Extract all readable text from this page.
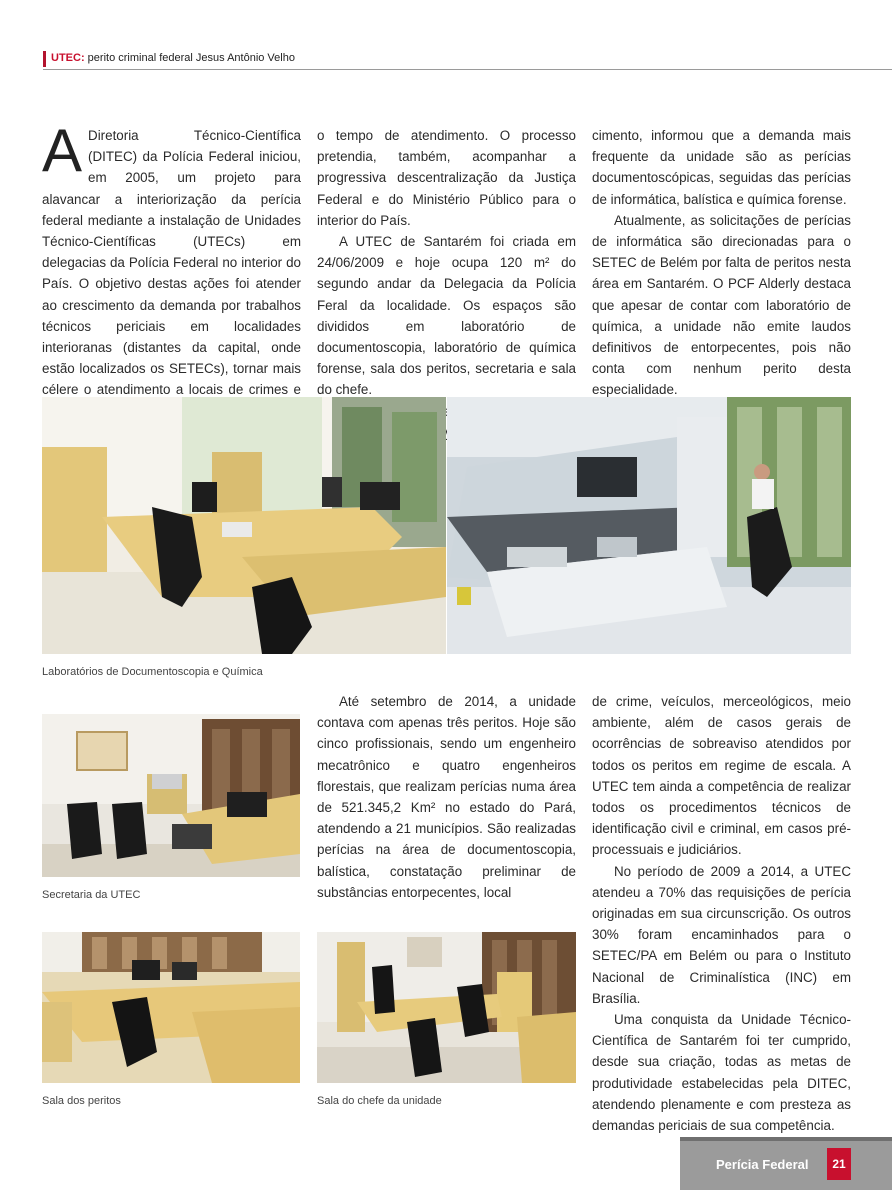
UTEC: perito criminal federal Jesus Antônio Velho
A Diretoria Técnico-Científica (DITEC) da Polícia Federal iniciou, em 2005, um projeto para alavancar a interiorização da perícia federal mediante a instalação de Unidades Técnico-Científicas (UTECs) em delegacias da Polícia Federal no interior do País. O objetivo destas ações foi atender ao crescimento da demanda por trabalhos técnicos periciais em localidades interioranas (distantes da capital, onde estão localizados os SETECs), tornar mais célere o atendimento a locais de crimes e

o tempo de atendimento. O processo pretendia, também, acompanhar a progressiva descentralização da Justiça Federal e do Ministério Público para o interior do País.

A UTEC de Santarém foi criada em 24/06/2009 e hoje ocupa 120 m² do segundo andar da Delegacia da Polícia Feral da localidade. Os espaços são divididos em laboratório de documentoscopia, laboratório de química forense, sala dos peritos, secretaria e sala do chefe.

cimento, informou que a demanda mais frequente da unidade são as perícias documentoscópicas, seguidas das perícias de informática, balística e química forense.

Atualmente, as solicitações de perícias de informática são direcionadas para o SETEC de Belém por falta de peritos nesta área em Santarém. O PCF Alderly destaca que apesar de contar com laboratório de química, a unidade não emite laudos definitivos de entorpecentes, pois não conta com nenhum perito desta especialidade.

Laboratórios de Documentoscopia e Química
Secretaria da UTEC

Até setembro de 2014, a unidade contava com apenas três peritos. Hoje são cinco profissionais, sendo um engenheiro mecatrônico e quatro engenheiros florestais, que realizam perícias numa área de 521.345,2 Km² no estado do Pará, atendendo a 21 municípios. São realizadas perícias na área de documentoscopia, balística, constatação preliminar de substâncias entorpecentes, local

de crime, veículos, merceológicos, meio ambiente, além de casos gerais de ocorrências de sobreaviso atendidos por todos os peritos em regime de escala. A UTEC tem ainda a competência de realizar todos os procedimentos técnicos de identificação civil e criminal, em casos pré-processuais e judiciários.

No período de 2009 a 2014, a UTEC atendeu a 70% das requisições de perícia originadas em sua circunscrição. Os outros 30% foram encaminhados para o SETEC/PA em Belém ou para o Instituto Nacional de Criminalística (INC) em Brasília.

Uma conquista da Unidade Técnico-Científica de Santarém foi ter cumprido, desde sua criação, todas as metas de produtividade estabelecidas pela DITEC, atendendo plenamente e com presteza as demandas periciais de sua competência.

Sala dos peritos	Sala do chefe da unidade
Perícia Federal	21
